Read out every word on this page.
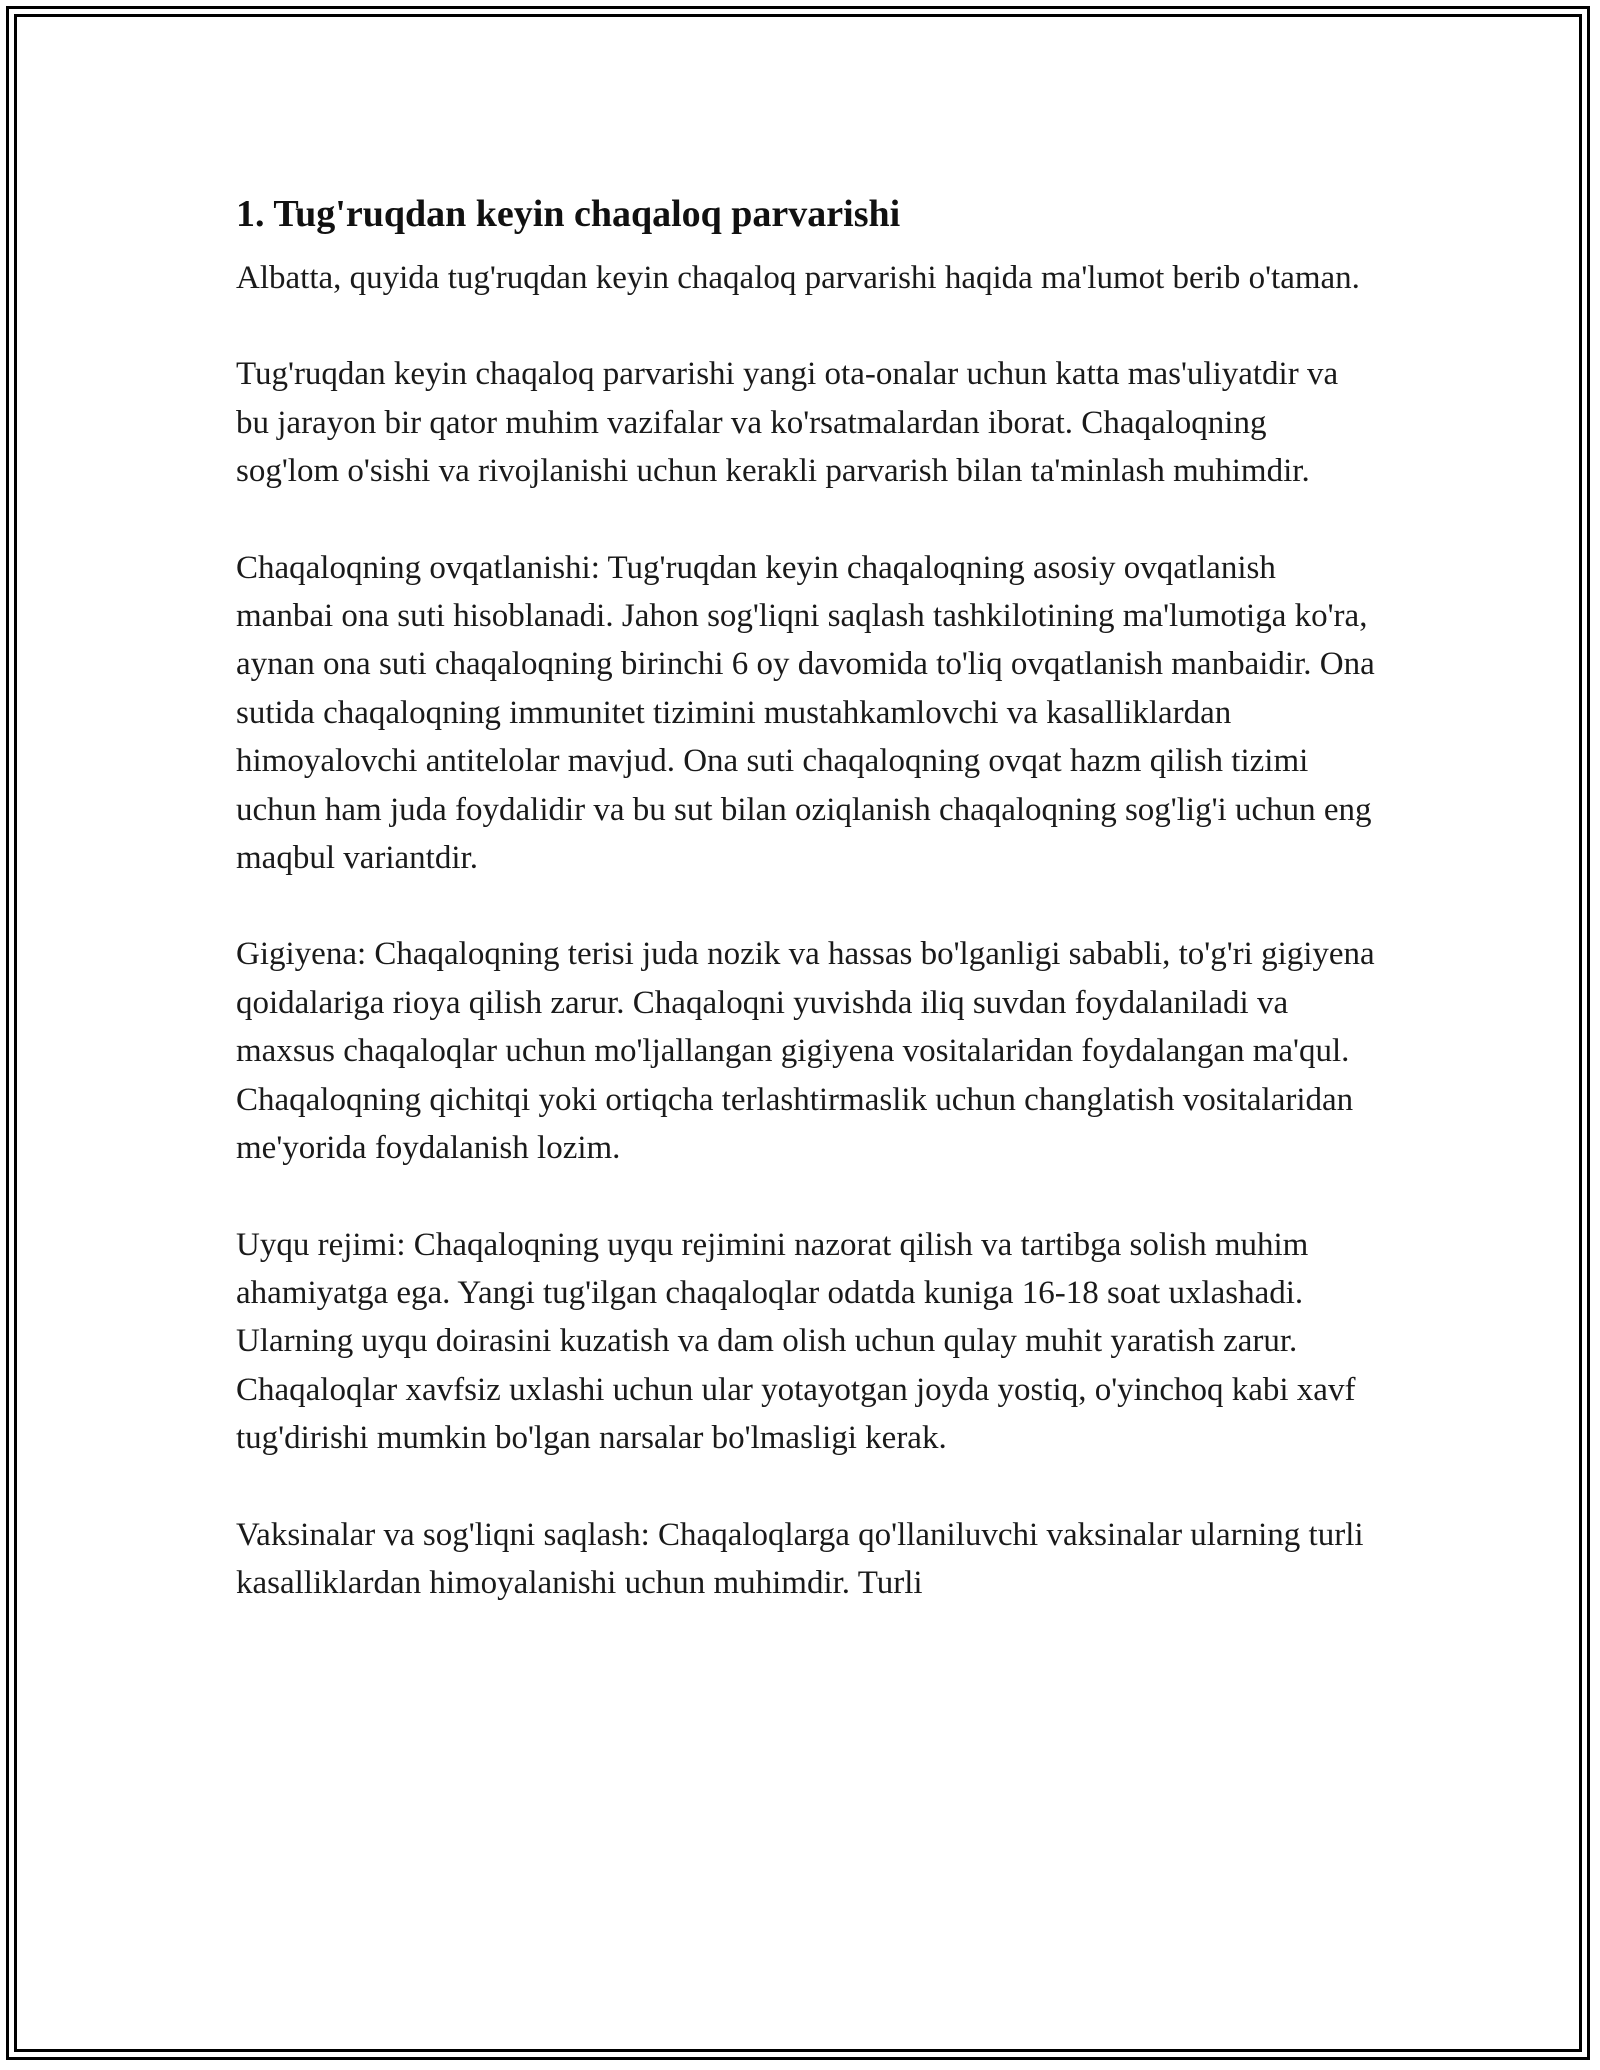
1. Tug'ruqdan keyin chaqaloq parvarishi

Albatta, quyida tug'ruqdan keyin chaqaloq parvarishi haqida ma'lumot berib o'taman.

Tug'ruqdan keyin chaqaloq parvarishi yangi ota-onalar uchun katta mas'uliyatdir va bu jarayon bir qator muhim vazifalar va ko'rsatmalardan iborat. Chaqaloqning sog'lom o'sishi va rivojlanishi uchun kerakli parvarish bilan ta'minlash muhimdir.

Chaqaloqning ovqatlanishi: Tug'ruqdan keyin chaqaloqning asosiy ovqatlanish manbai ona suti hisoblanadi. Jahon sog'liqni saqlash tashkilotining ma'lumotiga ko'ra, aynan ona suti chaqaloqning birinchi 6 oy davomida to'liq ovqatlanish manbaidir. Ona sutida chaqaloqning immunitet tizimini mustahkamlovchi va kasalliklardan himoyalovchi antitelolar mavjud. Ona suti chaqaloqning ovqat hazm qilish tizimi uchun ham juda foydalidir va bu sut bilan oziqlanish chaqaloqning sog'lig'i uchun eng maqbul variantdir.

Gigiyena: Chaqaloqning terisi juda nozik va hassas bo'lganligi sababli, to'g'ri gigiyena qoidalariga rioya qilish zarur. Chaqaloqni yuvishda iliq suvdan foydalaniladi va maxsus chaqaloqlar uchun mo'ljallangan gigiyena vositalaridan foydalangan ma'qul. Chaqaloqning qichitqi yoki ortiqcha terlashtirmaslik uchun changlatish vositalaridan me'yorida foydalanish lozim.

Uyqu rejimi: Chaqaloqning uyqu rejimini nazorat qilish va tartibga solish muhim ahamiyatga ega. Yangi tug'ilgan chaqaloqlar odatda kuniga 16-18 soat uxlashadi. Ularning uyqu doirasini kuzatish va dam olish uchun qulay muhit yaratish zarur. Chaqaloqlar xavfsiz uxlashi uchun ular yotayotgan joyda yostiq, o'yinchoq kabi xavf tug'dirishi mumkin bo'lgan narsalar bo'lmasligi kerak.

Vaksinalar va sog'liqni saqlash: Chaqaloqlarga qo'llaniluvchi vaksinalar ularning turli kasalliklardan himoyalanishi uchun muhimdir. Turli
